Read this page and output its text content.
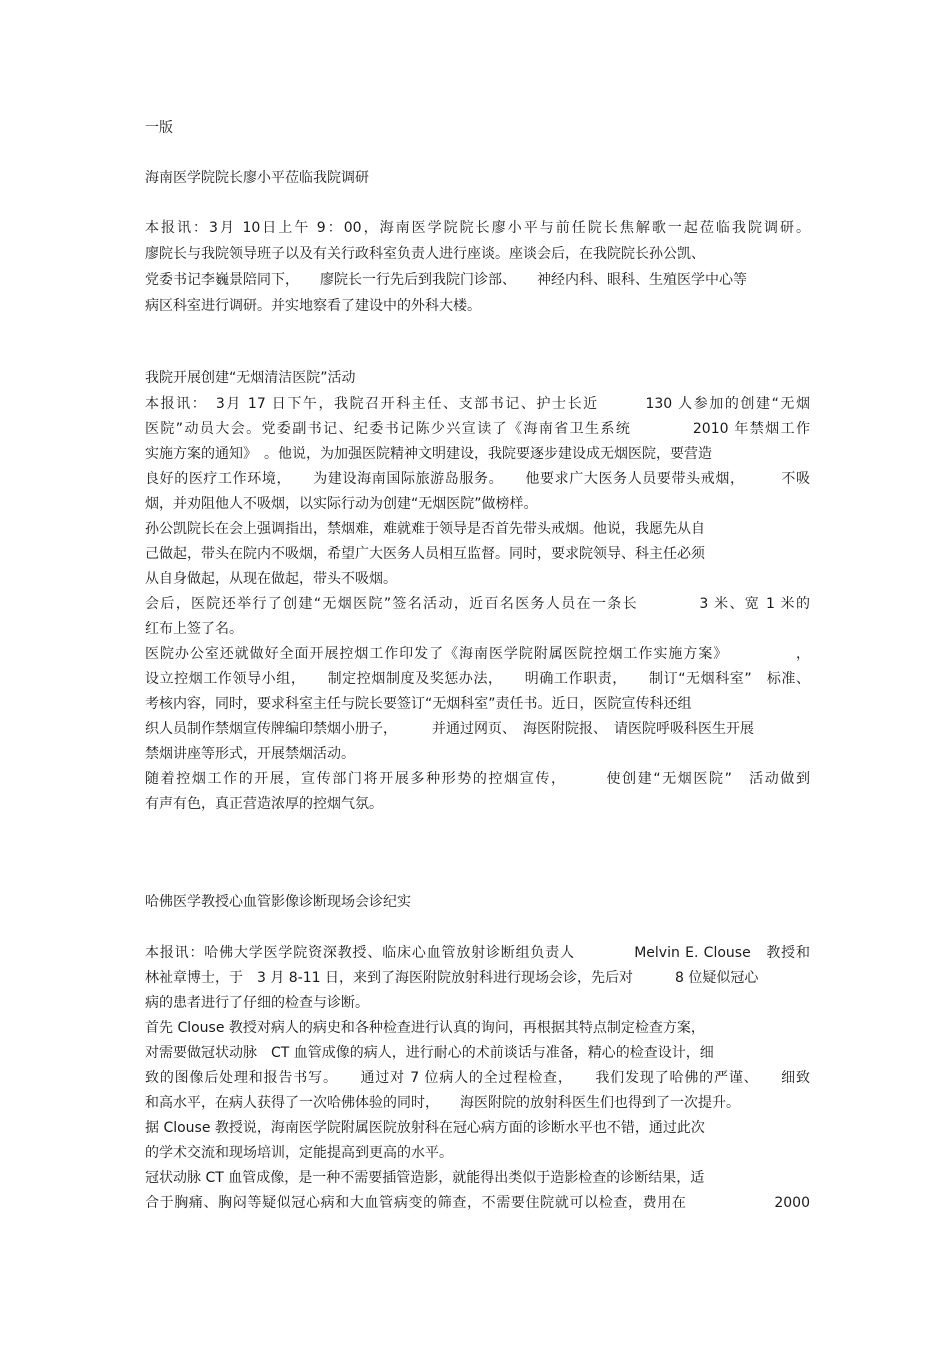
一版
海南医学院院长廖小平莅临我院调研
本报讯：3月 10日上午 9：00，海南医学院院长廖小平与前任院长焦解歌一起莅临我院调研。
廖院长与我院领导班子以及有关行政科室负责人进行座谈。座谈会后，在我院院长孙公凯、
党委书记李巍景陪同下，　　廖院长一行先后到我院门诊部、　　神经内科、眼科、生殖医学中心等
病区科室进行调研。并实地察看了建设中的外科大楼。
我院开展创建“无烟清洁医院”活动
本报讯：　3月 17 日下午，我院召开科主任、支部书记、护士长近　　　130 人参加的创建“无烟
医院”动员大会。党委副书记、纪委书记陈少兴宣读了《海南省卫生系统　　　　2010 年禁烟工作
实施方案的通知》　。他说，为加强医院精神文明建设，我院要逐步建设成无烟医院，要营造
良好的医疗工作环境，　　为建设海南国际旅游岛服务。　　他要求广大医务人员要带头戒烟，　　　不吸
烟，并劝阻他人不吸烟，以实际行动为创建“无烟医院”做榜样。
孙公凯院长在会上强调指出，禁烟难，难就难于领导是否首先带头戒烟。他说，我愿先从自
己做起，带头在院内不吸烟，希望广大医务人员相互监督。同时，要求院领导、科主任必须
从自身做起，从现在做起，带头不吸烟。
会后，医院还举行了创建“无烟医院”签名活动，近百名医务人员在一条长　　　　3 米、宽 1 米的
红布上签了名。
医院办公室还就做好全面开展控烟工作印发了《海南医学院附属医院控烟工作实施方案》　　　　　，
设立控烟工作领导小组，　　制定控烟制度及奖惩办法，　　明确工作职责，　　制订“无烟科室”　标准、
考核内容，同时，要求科室主任与院长要签订“无烟科室”责任书。近日，医院宣传科还组
织人员制作禁烟宣传牌编印禁烟小册子，　　　并通过网页、　海医附院报、　请医院呼吸科医生开展
禁烟讲座等形式，开展禁烟活动。
随着控烟工作的开展，宣传部门将开展多种形势的控烟宣传，　　　使创建“无烟医院”　活动做到
有声有色，真正营造浓厚的控烟气氛。
哈佛医学教授心血管影像诊断现场会诊纪实
本报讯：哈佛大学医学院资深教授、临床心血管放射诊断组负责人　　　　Melvin E. Clouse　教授和
林祉章博士，于　3 月 8-11 日，来到了海医附院放射科进行现场会诊，先后对　　　8 位疑似冠心
病的患者进行了仔细的检查与诊断。
首先 Clouse 教授对病人的病史和各种检查进行认真的询问，再根据其特点制定检查方案，
对需要做冠状动脉　CT 血管成像的病人，进行耐心的术前谈话与准备，精心的检查设计，细
致的图像后处理和报告书写。　　通过对 7 位病人的全过程检查，　　我们发现了哈佛的严谨、　　细致
和高水平，在病人获得了一次哈佛体验的同时，　　海医附院的放射科医生们也得到了一次提升。
据 Clouse 教授说，海南医学院附属医院放射科在冠心病方面的诊断水平也不错，通过此次
的学术交流和现场培训，定能提高到更高的水平。
冠状动脉 CT 血管成像，是一种不需要插管造影，就能得出类似于造影检查的诊断结果，适
合于胸痛、胸闷等疑似冠心病和大血管病变的筛查，不需要住院就可以检查，费用在　　　　　　2000
